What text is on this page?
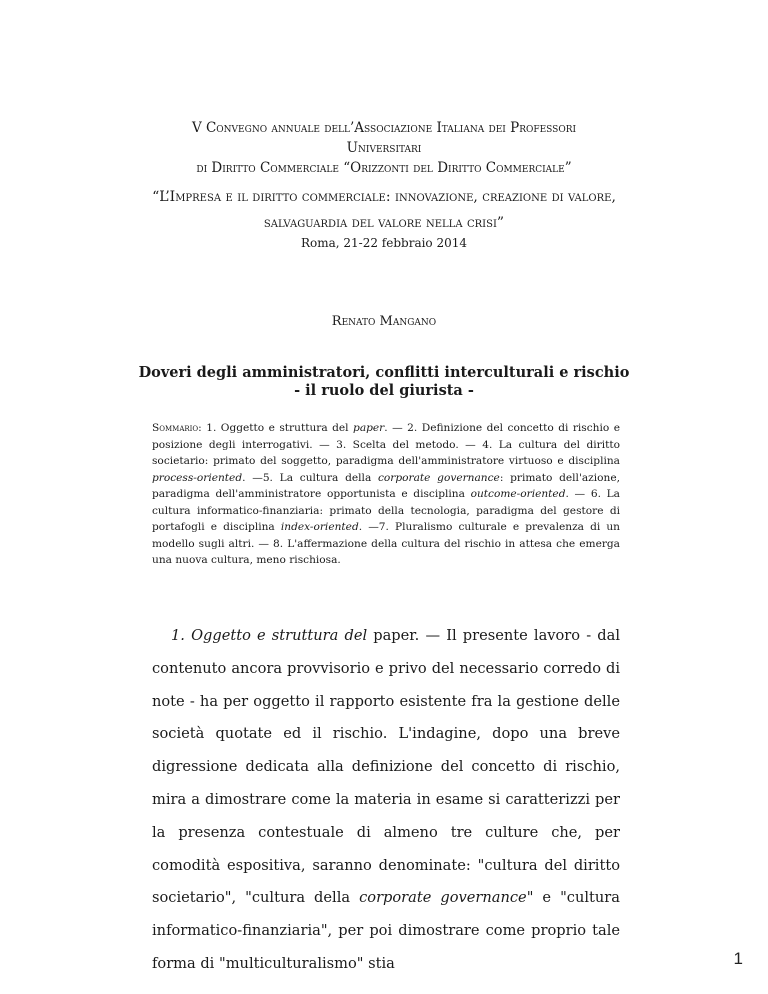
V Convegno annuale dell’Associazione Italiana dei Professori
Universitari
di Diritto Commerciale “Orizzonti del Diritto Commerciale”
“L’Impresa e il diritto commerciale: innovazione, creazione di valore,
salvaguardia del valore nella crisi”
Roma, 21-22 febbraio 2014
Renato Mangano
Doveri degli amministratori, conflitti interculturali e rischio
- il ruolo del giurista -
Sommario: 1. Oggetto e struttura del paper. — 2. Definizione del concetto di rischio e posizione degli interrogativi. — 3. Scelta del metodo. — 4. La cultura del diritto societario: primato del soggetto, paradigma dell'amministratore virtuoso e disciplina process-oriented. —5. La cultura della corporate governance: primato dell'azione, paradigma dell'amministratore opportunista e disciplina outcome-oriented. — 6. La cultura informatico-finanziaria: primato della tecnologia, paradigma del gestore di portafogli e disciplina index-oriented. —7. Pluralismo culturale e prevalenza di un modello sugli altri. — 8. L'affermazione della cultura del rischio in attesa che emerga una nuova cultura, meno rischiosa.
1. Oggetto e struttura del paper. — Il presente lavoro - dal contenuto ancora provvisorio e privo del necessario corredo di note - ha per oggetto il rapporto esistente fra la gestione delle società quotate ed il rischio. L'indagine, dopo una breve digressione dedicata alla definizione del concetto di rischio, mira a dimostrare come la materia in esame si caratterizzi per la presenza contestuale di almeno tre culture che, per comodità espositiva, saranno denominate: "cultura del diritto societario", "cultura della corporate governance" e "cultura informatico-finanziaria", per poi dimostrare come proprio tale forma di "multiculturalismo" stia	1
